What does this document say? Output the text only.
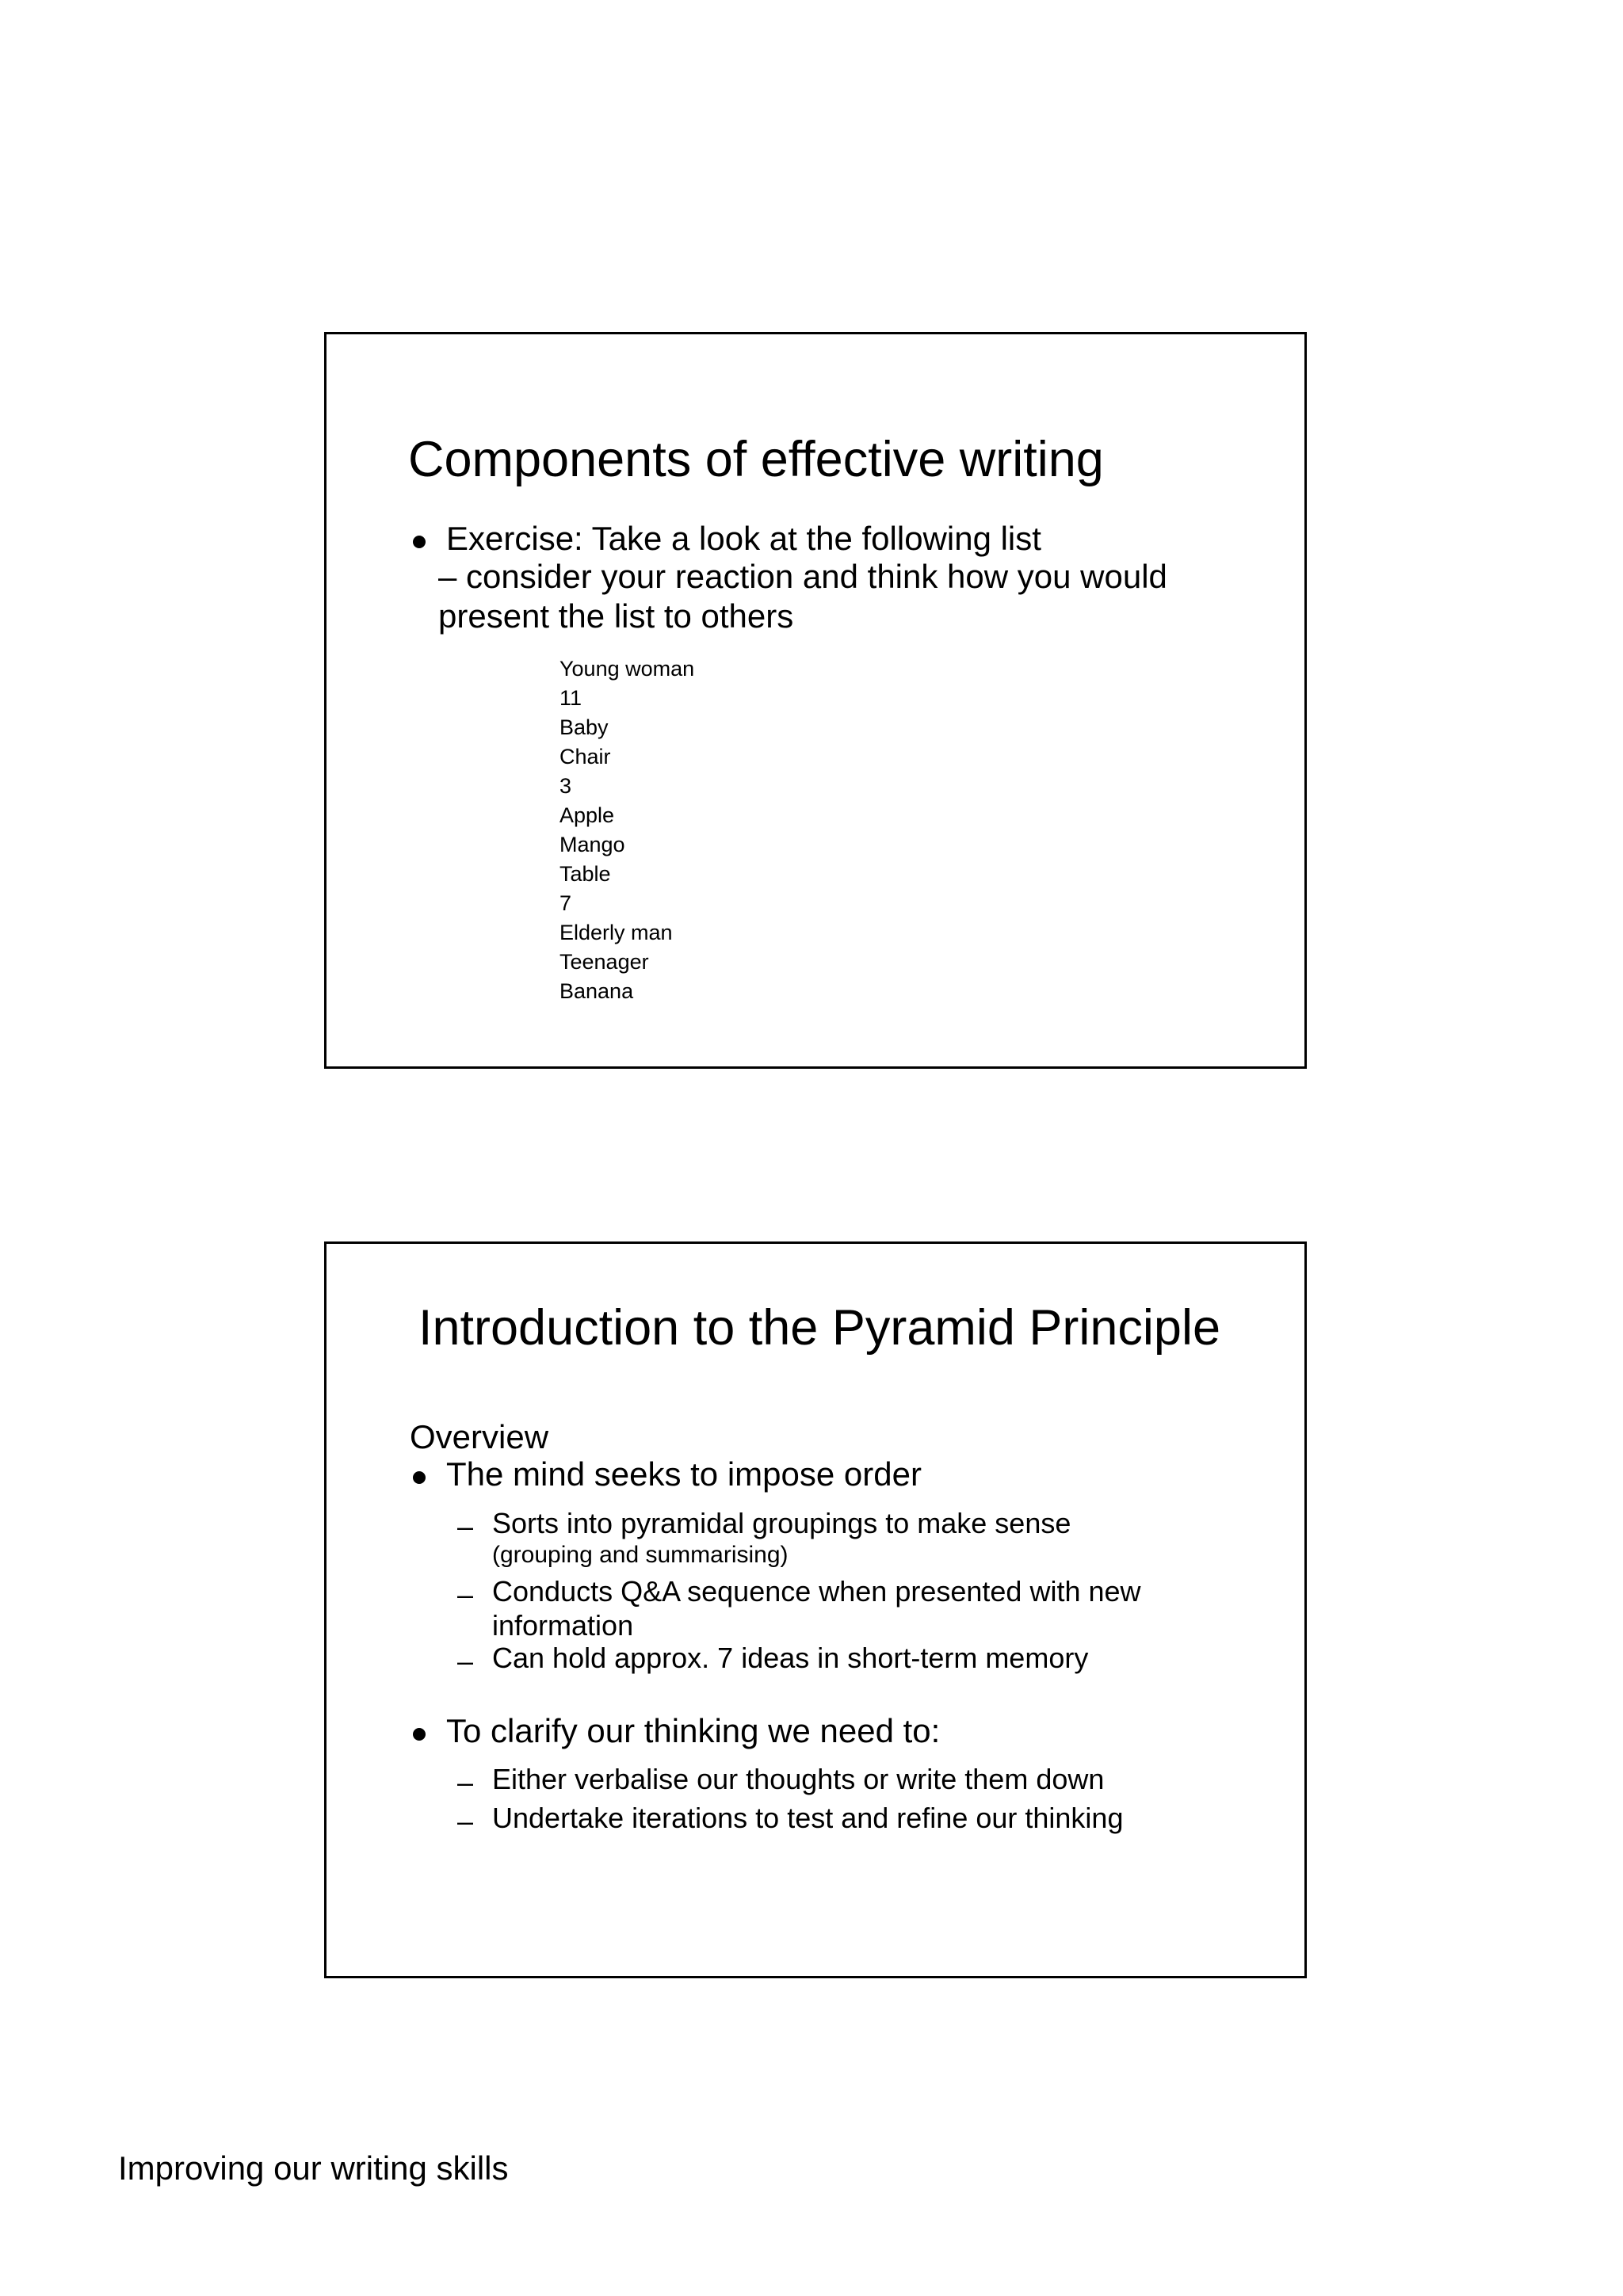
Components of effective writing
Exercise: Take a look at the following list
– consider your reaction and think how you would present the list to others
Young woman
11
Baby
Chair
3
Apple
Mango
Table
7
Elderly man
Teenager
Banana
Introduction to the Pyramid Principle
Overview
The mind seeks to impose order
– Sorts into pyramidal groupings to make sense
(grouping and summarising)
– Conducts Q&A sequence when presented with new information
– Can hold approx. 7 ideas in short-term memory
To clarify our thinking we need to:
– Either verbalise our thoughts or write them down
– Undertake iterations to test and refine our thinking
Improving our writing skills
